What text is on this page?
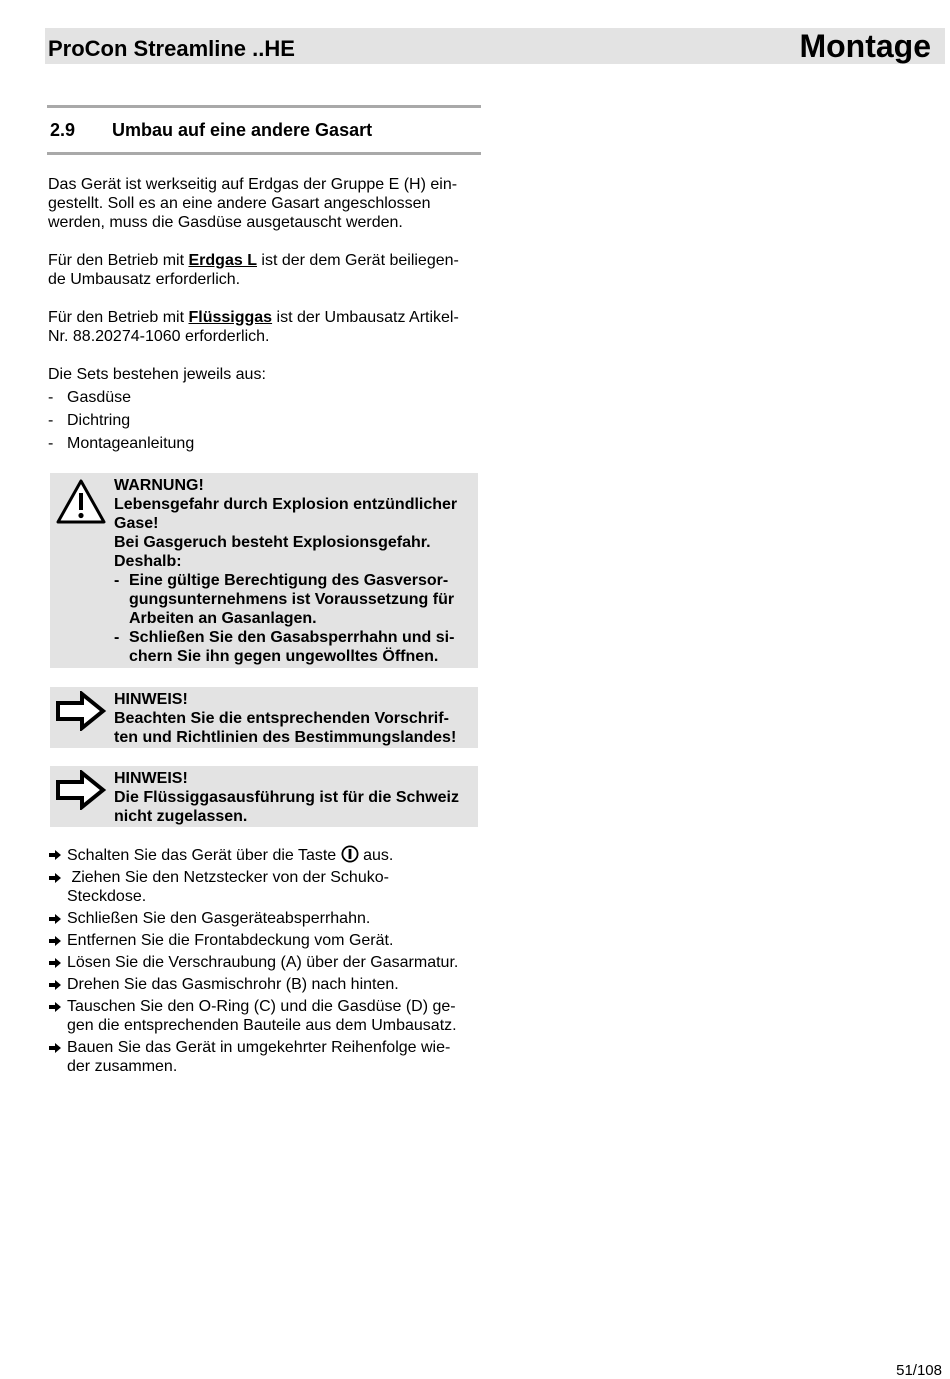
ProCon Streamline ..HE	Montage
2.9 Umbau auf eine andere Gasart

Das Gerät ist werkseitig auf Erdgas der Gruppe E (H) ein-

gestellt. Soll es an eine andere Gasart angeschlossen

werden, muss die Gasdüse ausgetauscht werden.

Für den Betrieb mit Erdgas L ist der dem Gerät beiliegen-

de Umbausatz erforderlich.

Für den Betrieb mit Flüssiggas ist der Umbausatz Artikel-

Nr. 88.20274-1060 erforderlich.

Die Sets bestehen jeweils aus:

- Gasdüse
- Dichtring
- Montageanleitung
WARNUNG!
Lebensgefahr durch Explosion entzündlicher
Gase!
Bei Gasgeruch besteht Explosionsgefahr.
Deshalb:
- Eine gültige Berechtigung des Gasversor-
gungsunternehmens ist Voraussetzung für
Arbeiten an Gasanlagen.
- Schließen Sie den Gasabsperrhahn und si-
chern Sie ihn gegen ungewolltes Öffnen.
HINWEIS!
Beachten Sie die entsprechenden Vorschrif-
ten und Richtlinien des Bestimmungslandes!
HINWEIS!
Die Flüssiggasausführung ist für die Schweiz
nicht zugelassen.
Schalten Sie das Gerät über die Taste  aus.
Ziehen Sie den Netzstecker von der Schuko-
Steckdose.
Schließen Sie den Gasgeräteabsperrhahn.
Entfernen Sie die Frontabdeckung vom Gerät.
Lösen Sie die Verschraubung (A) über der Gasarmatur.
Drehen Sie das Gasmischrohr (B) nach hinten.
Tauschen Sie den O-Ring (C) und die Gasdüse (D) ge-
gen die entsprechenden Bauteile aus dem Umbausatz.
Bauen Sie das Gerät in umgekehrter Reihenfolge wie-
der zusammen.
51/108
